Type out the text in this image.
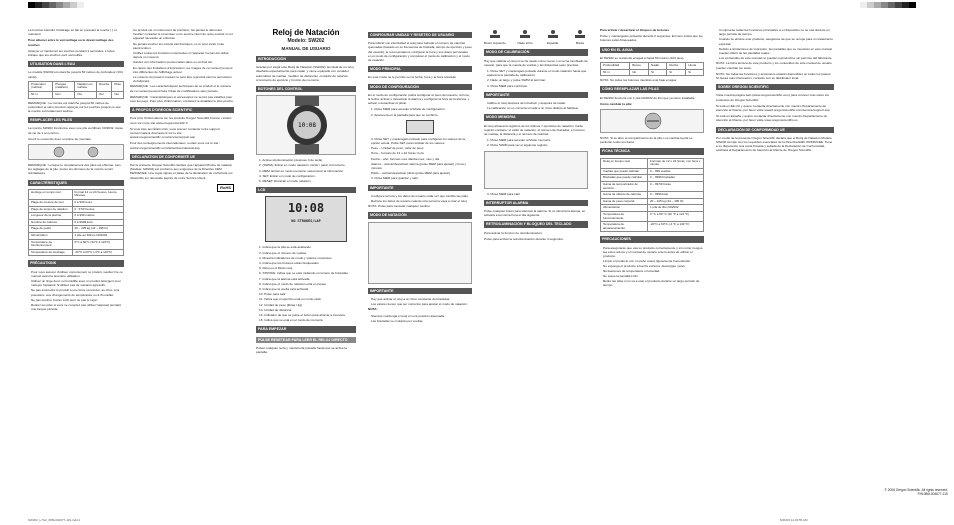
La fonction éteindre l'éclairage se fait en pressant la touche ( ) et maintenir.
Pour allumer entre le verrouillage ou le déverrouillage des touches
Appuyer et maintenez les touches pendant 2 secondes. L'icône indique que les touches sont verrouillés.
UTILISATION DANS L'EAU
Le modèle SW202 est étanche jusqu'à 50 mètres de profondeur (164 pieds).
Profondeur (mètres)	Plongée (natation)	Natation en surface	Douche	Pluie
50 m	Non	Oui	Oui	Oui
REMARQUE : La montre est étanche jusqu'à 50 mètres de profondeur et sans pression appuyer sur les touches jusqu'à ce que la montre soit totalement séchée.
REMPLACER LES PILES
La montre SW202 fonctionne avec une pile au lithium CR2032, durée de vie de 1 an environ.
Ouvrir le couvercle avec un pièce de monnaie.
REMARQUE : Lorsque le remplacement des piles est effectué, tous les réglages de la pile, toutes les données de la montre seront réinitialisées.
CARACTÉRISTIQUES
Horloge en temps réel	Format 12 ou 24 heures, Heure, Minutes
Plage de mesure de tour	0 à 999 tours
Plage de temps de natation	0 : 9:59 heures
Longueur de la piscine	0 à 999 mètres
Nombre de calories	0 à 9999 kcal
Plage de poids	20 – 225 kg (44 – 495 lb)
Alimentation	1 pile au lithium CR2032
Température de fonctionnement	0°C à 50°C (32°F à 122°F)
Température de stockage	-20°C à 60°C (-4°F à 140°F)
PRÉCAUTIONS
Pour vous assurer d'utiliser correctement ce produit, veuillez lire ce manuel avant la première utilisation.
Utilisez un linge doux ou humidifié avec un produit détergent pour nettoyer l'appareil. N'utilisez pas de solvants agressifs.
Ne pas soumettre le produit à une force excessive, au choc, à la poussière, aux changements de température ou à l'humidité.
Ne pas toucher l'écran LCD pour ne pas le rayer.
Retirez les piles si vous ne comptez pas utiliser l'appareil pendant une longue période.
Ce produit est un instrument de précision. Ne jamais le démonter. Veuillez contacter le revendeur ou le service client de notre société si cet appareil nécessite un entretien.
Ne jamais toucher les circuits électroniques, et ce pour éviter toute électrocution.
Vérifiez toutes les fonctions importantes si l'appareil n'a pas été utilisé depuis un moment.
Gardez vos informations personnelles dans un endroit sûr.
En raison des limitations d'impression, les images de ce manuel peuvent être différentes de l'affichage actuel.
Le contenu du présent manuel ne peut être reproduit sans la permission du fabricant.
REMARQUE : Les caractéristiques techniques de ce produit et le contenu de ce manuel peuvent faire l'objet de modifications sans préavis.
REMARQUE : Caractéristiques et accessoires ne seront pas valables pour tous les pays. Pour plus d'information, contactez le détaillant le plus proche.
À PROPOS D'OREGON SCIENTIFIC
Pour plus d'informations sur les produits Oregon Scientific France, rendez-vous sur notre site www.oregonscientific.fr
Si vous êtes aux États-Unis, vous pouvez contacter notre support consommateur directement sur le site : www2.oregonscientific.com/service/support.asp
Pour des renseignements internationaux, rendez-vous sur le site : www2.oregonscientific.com/about/international.asp
DÉCLARATION DE CONFORMITÉ UE
Par la présente Oregon Scientific déclare que l'appareil Montre de natation (Modèle: SW202) est conforme aux exigences de la Directive CEM 89/336/CEE. Une copie signée et datée de la déclaration de conformité est disponible sur demande auprès de notre Service Client.
RoHS
Reloj de Natación
Modelo: SW202
MANUAL DE USUARIO
INTRODUCCIÓN
Gracias por elegir este Reloj de Natación (SW202). Es ideal de un reloj diseñado especialmente para nadar, y viene equipado con contador automático de vueltas, medidor de distancias, contador de calorías, cronómetro de ejercicio y función de memoria.
BOTONES DEL CONTROL
10:08
1. Activa retroiluminación (despues 3 de tecla)
2. (SWIM): Entrar en modo natación; iniciar / parar cronómetro.
3. MEM: Entrar en modo memoria; seleccionar la información.
4. SET: Entrar en modo de configuración.
5. RESET: Reiniciar el modo natación.
LCD
10:08
NO STROKES/LAP
1. Indica que la pila se está acabando
2. Indica que el número de vueltas
3. Muestra indicadores de modo y valores numéricos
4. Indica que los botones están bloqueados
5. Reloj en el Modo reloj
6. STROKE: Indica que se está midiendo el número de brazadas
7. Indica que la alarma está activada
8. Indica que el modo de natación está en pausa
9. Indica que la vuelta está activada
10. Pulse para salir
11. Indica que el ejercicio está en modo nado
12. Unidad de peso (libras / kg)
13. Unidad de distancia
14. Indicador de que se pulse el botón para ahorrar a memoria
15. Indica que se está en el modo de memoria
PARA EMPEZAR
PULSE RESETEAR PARA LEER EL RELOJ DIRECTO
Pulsar cualquier tecla y mantenerla pulsada hasta que se active la pantalla.
CONFIGURAR UNIDAD Y RESETEO DE USUARIO
Para utilizar con efectividad el reloj para calcular el número de calorías quemadas (basado en su frecuencia de brazada, tiempo de ejercicio y peso del usuario), le recomendamos configurar la hora y sus datos personales en el modo de configuración y completar el modo de calibración y el modo de natación.
MODO PRINCIPAL
En este modo se le permite ver la fecha, hora y la hora activada.
MODO DE CONFIGURACIÓN
En el modo de configuración podrá configurar el peso del usuario, la hora, la fecha, activar o desactivar la alarma y configurar la hora de la alarma, y activar o desactivar el pitido.
1. Pulse MEM para acceder al Modo de configuración.
2. Aparecerá en la pantalla para que se confirme.
3. Pulse SET y manténgalo pulsado para configurar los valores de la opción actual. Pulse SET para cambiar de los valores.
Peso – Unidad de peso; valor de peso
Hora – formato de 12 o 24 horas; hora
Fecha – año; formato mes día/día mes; mes y día
Alarma – activar/desactivar alarma (pulse MEM para ajustar) y hora y minutos
Pitido – activar/desactivar pitido (pulse MEM para ajustar)
4. Pulse MEM para guardar y salir.
IMPORTANTE
Configure la hora y los datos de usuario cada vez que cambie las pilas.
Reinicie los datos de usuario cuando otra persona vaya a usar el reloj.
NOTA: Pulse para cancelar cualquier cambio.
MODO DE NATACIÓN
IMPORTANTE
Hay que activar el reloj a un ritmo constante de brazadas.
Los valores tienen que ser correctos para ajustar el modo de natación.
NOTA:
Siempre mantenga el reloj en una posición adecuada.
Las brazadas se contarán por vueltas.
Brazo Izquierdo	Nado Libre	Espalda	Braza
MODO DE CALIBRACIÓN
Hay que calibrar el reloj si se ha usado como nuevo o si se ha cambiado de usuario, para que la cuenta de vueltas y las distancias sean precisas.
1. Pulse SET y manténgalo pulsado durante el modo natación hasta que aparezca la pantalla de calibración.
2. Nade un largo y pulse SWIM al terminar.
3. Pulse MEM para confirmar.
IMPORTANTE
Calibre el reloj después de introducir y después de nadar.
La calibración no es correcta si nada a un ritmo distinto al habitual.
MODO MEMORIA
El reloj almacena registros de los últimos 7 ejercicios de natación. Cada registro contiene: el estilo de natación, el número de brazadas, el número de vueltas, la distancia y el número de calorías.
1. Pulse MEM para acceder al Modo memoria.
2. Pulse SWIM para ver el siguiente registro.
3. Pulse MEM para salir.
INTERRUPTOR ALARMA
Pulse cualquier botón para silenciar la alarma. Si no silencia la alarma, se activará a la misma hora el día siguiente.
RETROILUMINACIÓN Y BLOQUEO DEL TECLADO
Para activar la función de retroiluminación:
Pulse para activar la retroiluminación durante 3 segundos.
Para activar / desactivar el bloqueo de botones
Pulse y manténgalos pulsados durante 2 segundos. El icono indica que los botones están bloqueados.
USO EN EL AGUA
El SW202 es resistente al agua a hasta 50 metros (164 pies).
Profundidad	Buceo	Nadar	Ducha	Lluvia
50 m	No	Sí	Sí	Sí
NOTA: No pulse los botones mientras esté bajo el agua.
CÓMO REEMPLAZAR LAS PILAS
El SW202 funciona con 1 pila CR2032 de litio que ya viene instalada.
Cómo cambiar la pila:
NOTA: Si se abre el compartimento de la pila o se cambia la pila se perderán todos los datos.
FICHA TÉCNICA
Reloj en tiempo real	Formato de 12 o 24 horas; con hora y minuto
Vueltas que puede calcular	0 – 999 vueltas
Brazadas que puede calcular	0 – 9999 brazadas
Gama de temporizador de ejercicio	0 – 99:59 horas
Gama de cálculo de calorías	0 – 9999 kcal
Gama de peso corporal	20 – 225 kg (44 – 495 lb)
Alimentación	1 pila de litio CR2032
Temperatura de funcionamiento	0 °C a 50 °C (32 °F a 122 °F)
Temperatura de almacenamiento	-20°C a 60°C (-4 °F a 140 °F)
PRECAUCIONES
Para asegurarse que usa su producto correctamente y sin correr riesgos, lea estos avisos y el manual de usuario entero antes de utilizar el producto.
Limpie el producto con un paño suave ligeramente humedecido.
No exponga el producto a fuerza extrema, descargas, polvo, fluctuaciones de temperatura o humedad.
No toque la pantalla LCD.
Retire las pilas si no va a usar el producto durante un largo periodo de tiempo.
Compruebe todas las funciones principales si el dispositivo no se usa durante un largo periodo de tiempo.
Cuando se elimine este producto, asegúrese de que se recoge para un tratamiento especial.
Debido a limitaciones de impresión, las pantallas que se muestran en este manual pueden diferir de las pantallas reales.
Los contenidos de este manual no pueden reproducirse sin permiso del fabricante.
NOTA: La ficha técnica de este producto y los contenidos de este manual de usuario pueden cambiar sin aviso.
NOTA: No todas las funciones y accesorios estarán disponibles en todos los países. Si desea más información, contacte con su distribuidor local.
SOBRE OREGON SCIENTIFIC
Visite nuestra página web (www.oregonscientific.com) para conocer más sobre los productos de Oregon Scientific.
Si está en EE.UU y quiere contactar directamente con nuestro Departamento de Atención al Cliente, por favor visite www2.oregonscientific.com/service/support.asp
Si está en España y quiere contactar directamente con nuestro Departamento de Atención al Cliente, por favor visite www.oregonscientific.es
DECLARACIÓN DE CONFORMIDAD UE
Por medio de la presente Oregon Scientific declara que el Reloj de Natación Modelo SW202 cumple con los requisitos esenciales de la Directiva EMC 89/336/CEE. Tiene a su disposición una copia firmada y sellada de la Declaración de Conformidad, solicítela al Departamento de Atención al Cliente de Oregon Scientific.
© 2006 Oregon Scientific. All rights reserved.
P/N:086L004677-11S
SW202_L7G2_086L004677-11S.indd 1	6/26/06 11:03:55 AM
